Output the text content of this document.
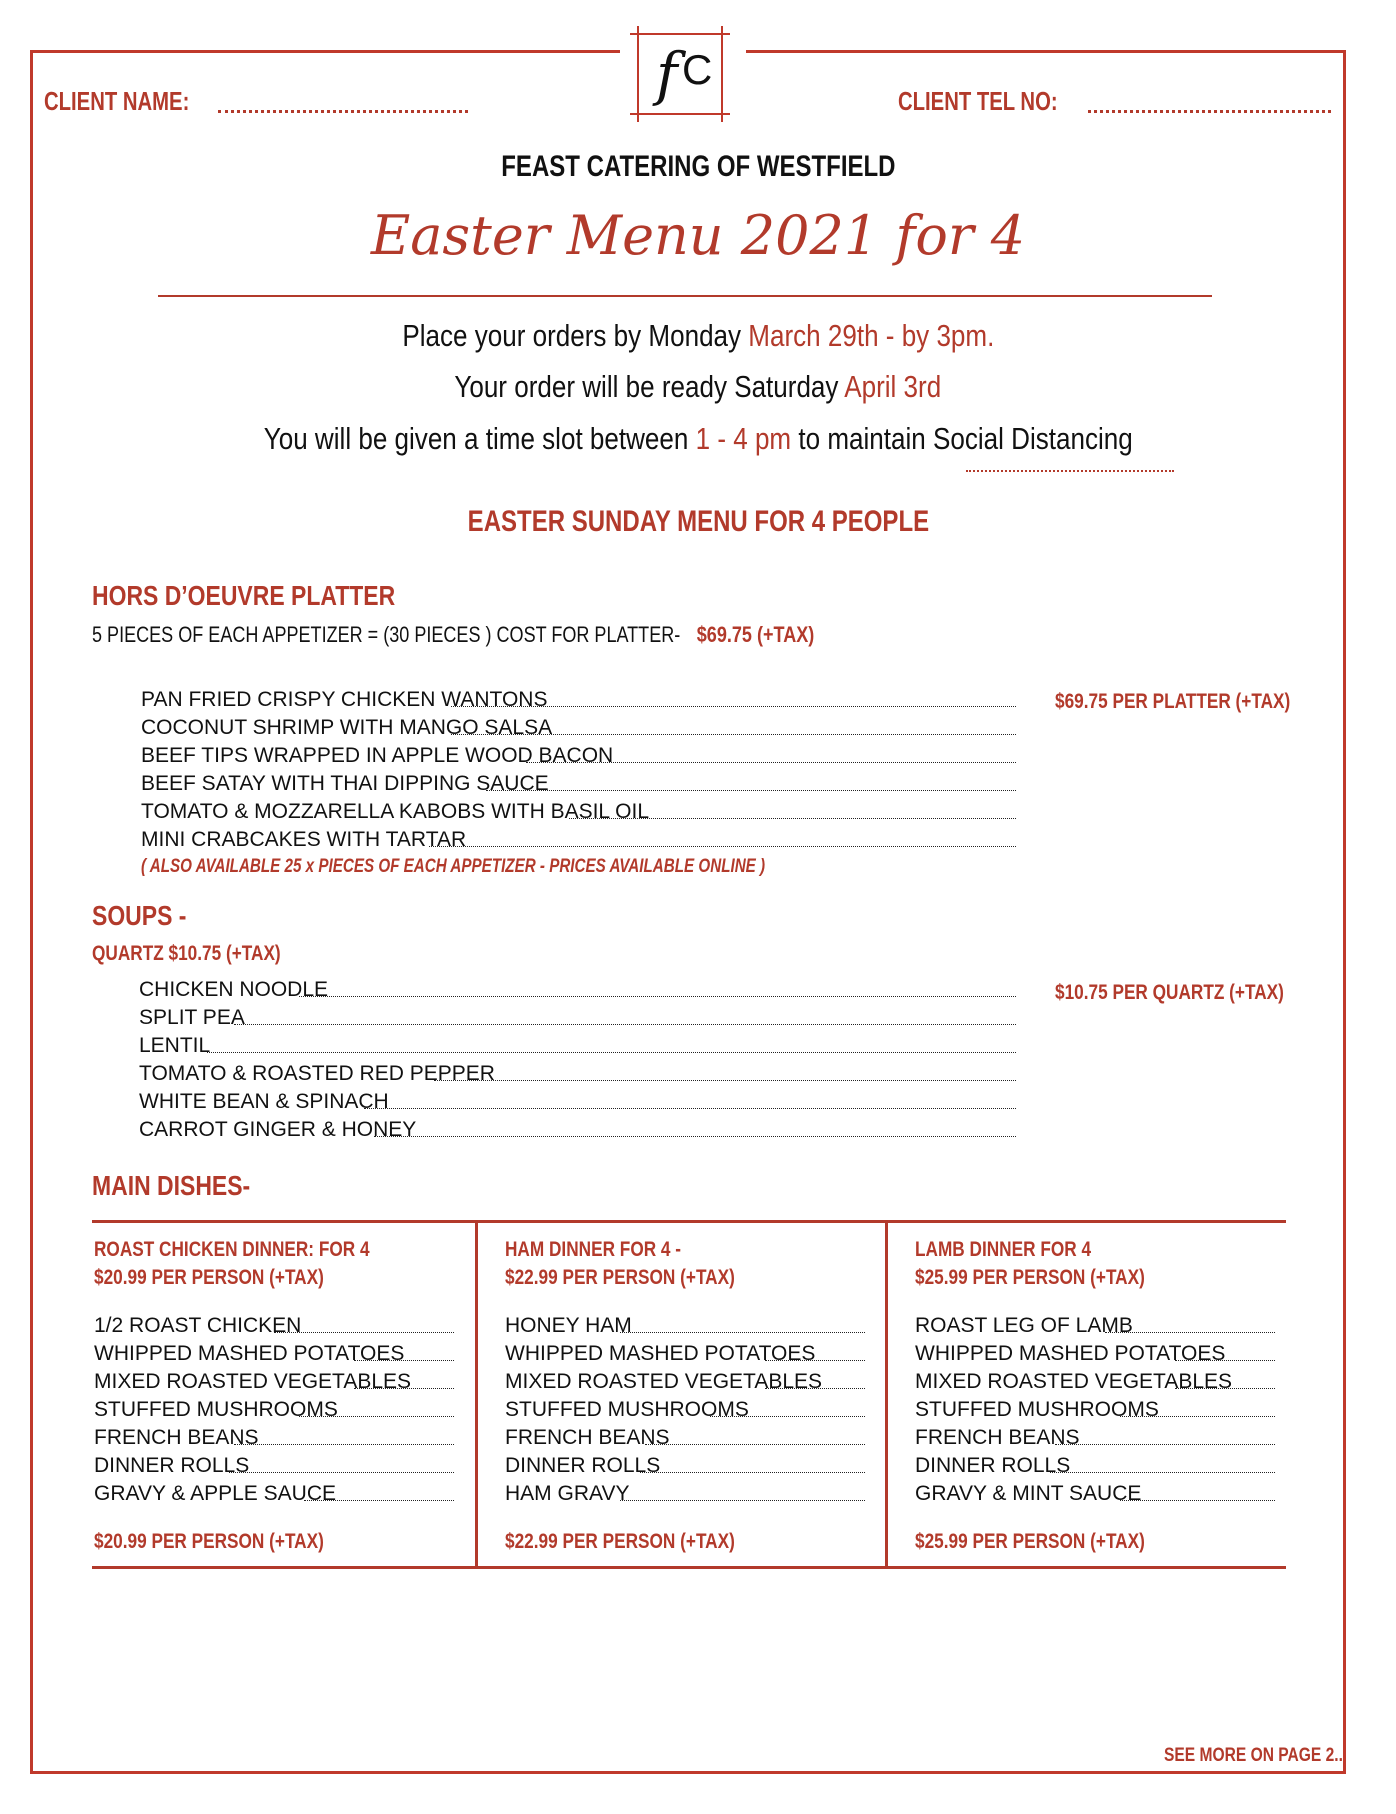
f C
CLIENT NAME:	CLIENT TEL NO:
FEAST CATERING OF WESTFIELD
Easter Menu 2021 for 4
Place your orders by Monday March 29th - by 3pm.
Your order will be ready Saturday April 3rd
You will be given a time slot between 1 - 4 pm to maintain Social Distancing
EASTER SUNDAY MENU FOR 4 PEOPLE
HORS D’OEUVRE PLATTER
5 PIECES OF EACH APPETIZER = (30 PIECES ) COST FOR PLATTER- $69.75 (+TAX)
PAN FRIED CRISPY CHICKEN WANTONS
COCONUT SHRIMP WITH MANGO SALSA
BEEF TIPS WRAPPED IN APPLE WOOD BACON
BEEF SATAY WITH THAI DIPPING SAUCE
TOMATO & MOZZARELLA KABOBS WITH BASIL OIL
MINI CRABCAKES WITH TARTAR
$69.75 PER PLATTER (+TAX)
( ALSO AVAILABLE 25 x PIECES OF EACH APPETIZER - PRICES AVAILABLE ONLINE )
SOUPS -
QUARTZ $10.75 (+TAX)
CHICKEN NOODLE
SPLIT PEA
LENTIL
TOMATO & ROASTED RED PEPPER
WHITE BEAN & SPINACH
CARROT GINGER & HONEY
$10.75 PER QUARTZ (+TAX)
MAIN DISHES-
ROAST CHICKEN DINNER: FOR 4
$20.99 PER PERSON (+TAX)
1/2 ROAST CHICKEN
WHIPPED MASHED POTATOES
MIXED ROASTED VEGETABLES
STUFFED MUSHROOMS
FRENCH BEANS
DINNER ROLLS
GRAVY & APPLE SAUCE
$20.99 PER PERSON (+TAX)
HAM DINNER FOR 4 -
$22.99 PER PERSON (+TAX)
HONEY HAM
WHIPPED MASHED POTATOES
MIXED ROASTED VEGETABLES
STUFFED MUSHROOMS
FRENCH BEANS
DINNER ROLLS
HAM GRAVY
$22.99 PER PERSON (+TAX)
LAMB DINNER FOR 4
$25.99 PER PERSON (+TAX)
ROAST LEG OF LAMB
WHIPPED MASHED POTATOES
MIXED ROASTED VEGETABLES
STUFFED MUSHROOMS
FRENCH BEANS
DINNER ROLLS
GRAVY & MINT SAUCE
$25.99 PER PERSON (+TAX)
SEE MORE ON PAGE 2..
